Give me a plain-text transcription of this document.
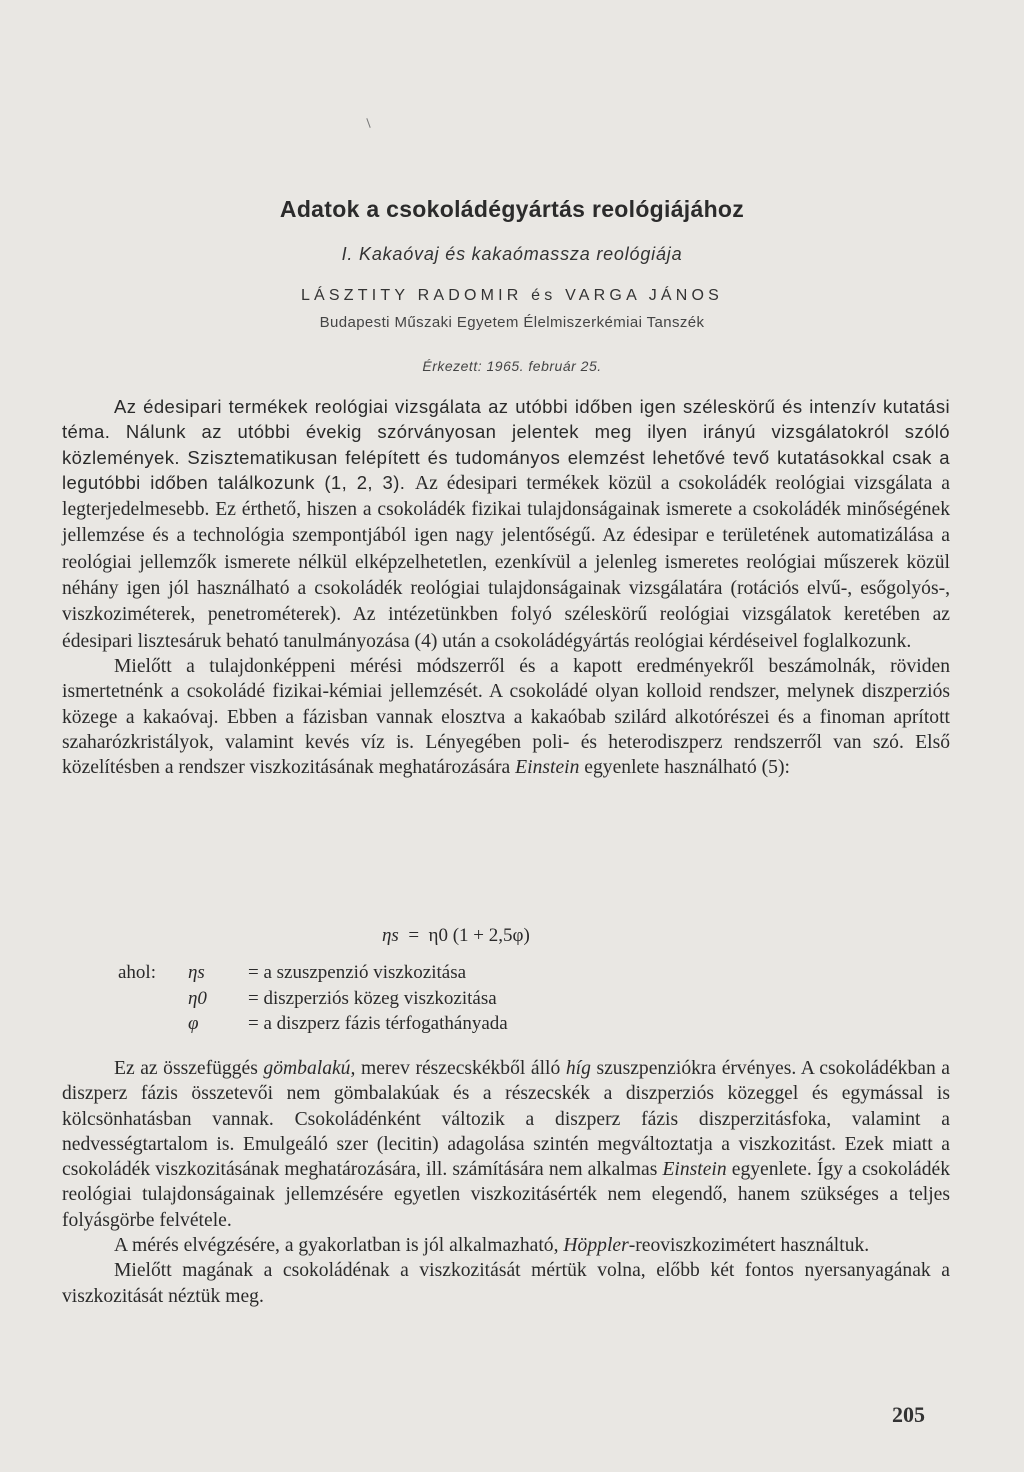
Adatok a csokoládégyártás reológiájához
I. Kakaóvaj és kakaómassza reológiája
LÁSZTITY RADOMIR és VARGA JÁNOS
Budapesti Műszaki Egyetem Élelmiszerkémiai Tanszék
Érkezett: 1965. február 25.

Az édesipari termékek reológiai vizsgálata az utóbbi időben igen széleskörű és intenzív kutatási téma. Nálunk az utóbbi évekig szórványosan jelentek meg ilyen irányú vizsgálatokról szóló közlemények. Szisztematikusan felépített és tudományos elemzést lehetővé tevő kutatásokkal csak a legutóbbi időben találkozunk (1, 2, 3). Az édesipari termékek közül a csokoládék reológiai vizsgálata a legterjedelmesebb. Ez érthető, hiszen a csokoládék fizikai tulajdonságainak ismerete a csokoládék minőségének jellemzése és a technológia szempontjából igen nagy jelentőségű. Az édesipar e területének automatizálása a reológiai jellemzők ismerete nélkül elképzelhetetlen, ezenkívül a jelenleg ismeretes reológiai műszerek közül néhány igen jól használható a csokoládék reológiai tulajdonságainak vizsgálatára (rotációs elvű-, esőgolyós-, viszkoziméterek, penetrométerek). Az intézetünkben folyó széleskörű reológiai vizsgálatok keretében az édesipari lisztesáruk beható tanulmányozása (4) után a csokoládégyártás reológiai kérdéseivel foglalkozunk.

Mielőtt a tulajdonképpeni mérési módszerről és a kapott eredményekről beszámolnák, röviden ismertetnénk a csokoládé fizikai-kémiai jellemzését. A csokoládé olyan kolloid rendszer, melynek diszperziós közege a kakaóvaj. Ebben a fázisban vannak elosztva a kakaóbab szilárd alkotórészei és a finoman aprított szaharózkristályok, valamint kevés víz is. Lényegében poli- és heterodiszperz rendszerről van szó. Első közelítésben a rendszer viszkozitásának meghatározására Einstein egyenlete használható (5):

ηs = η0 (1 + 2,5φ)
ahol: ηs = a szuszpenzió viszkozitása
η0 = diszperziós közeg viszkozitása
φ	= a diszperz fázis térfogathányada

Ez az összefüggés gömbalakú, merev részecskékből álló híg szuszpenziókra érvényes. A csokoládékban a diszperz fázis összetevői nem gömbalakúak és a részecskék a diszperziós közeggel és egymással is kölcsönhatásban vannak. Csokoládénként változik a diszperz fázis diszperzitásfoka, valamint a nedvességtartalom is. Emulgeáló szer (lecitin) adagolása szintén megváltoztatja a viszkozitást. Ezek miatt a csokoládék viszkozitásának meghatározására, ill. számítására nem alkalmas Einstein egyenlete. Így a csokoládék reológiai tulajdonságainak jellemzésére egyetlen viszkozitásérték nem elegendő, hanem szükséges a teljes folyásgörbe felvétele.

A mérés elvégzésére, a gyakorlatban is jól alkalmazható, Höppler-reoviszkozimétert használtuk.

Mielőtt magának a csokoládénak a viszkozitását mértük volna, előbb két fontos nyersanyagának a viszkozitását néztük meg.

205
